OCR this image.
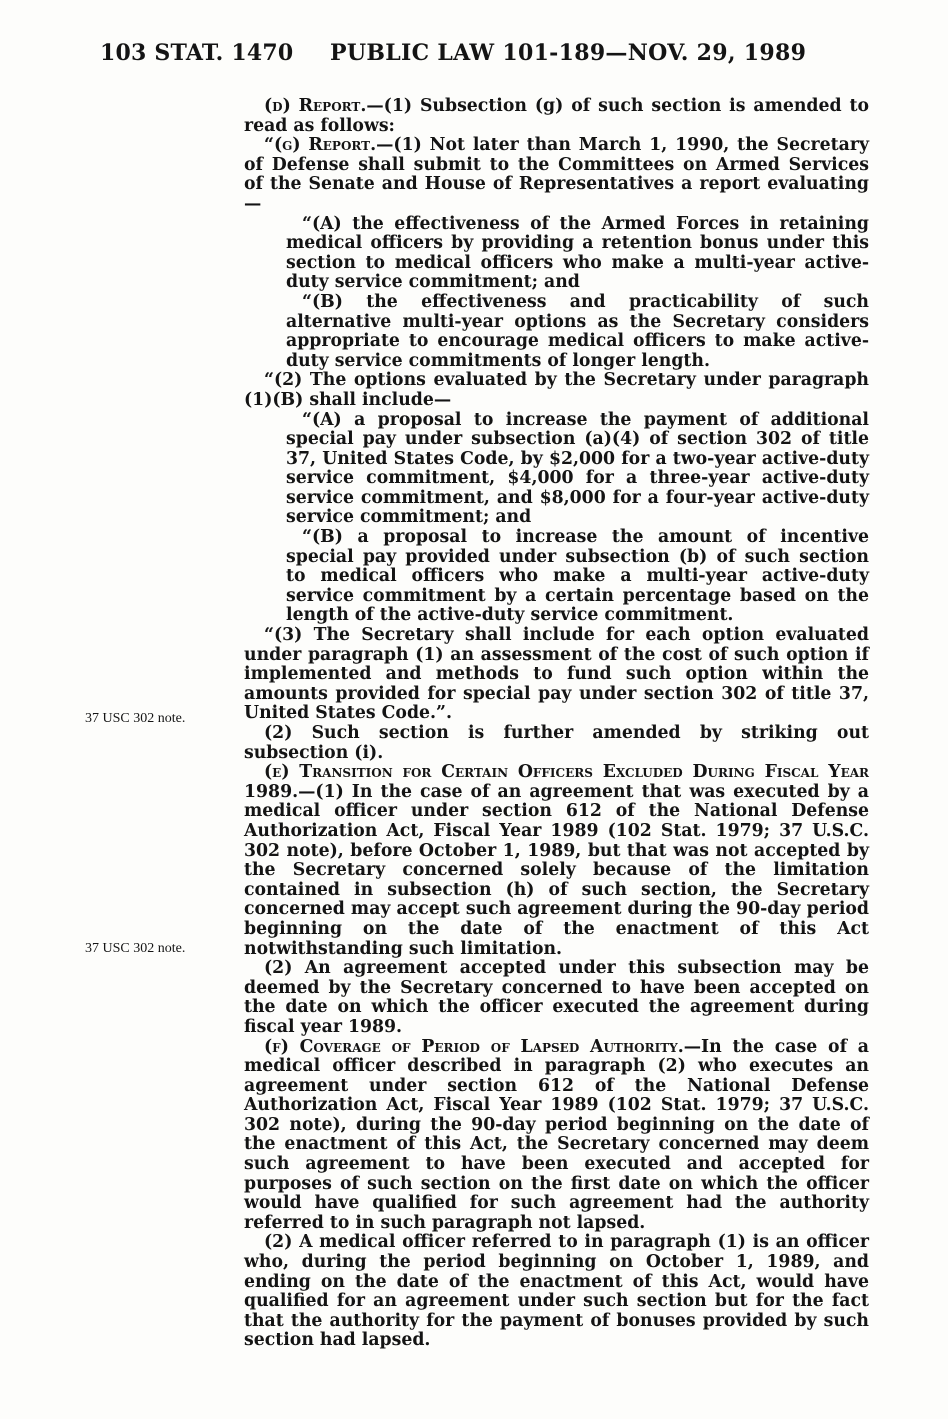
103 STAT. 1470 PUBLIC LAW 101-189—NOV. 29, 1989
37 USC 302 note.
37 USC 302 note.

(d) Report.—(1) Subsection (g) of such section is amended to read as follows:

“(g) Report.—(1) Not later than March 1, 1990, the Secretary of Defense shall submit to the Committees on Armed Services of the Senate and House of Representatives a report evaluating—

“(A) the effectiveness of the Armed Forces in retaining medical officers by providing a retention bonus under this section to medical officers who make a multi-year active-duty service commitment; and

“(B) the effectiveness and practicability of such alternative multi-year options as the Secretary considers appropriate to encourage medical officers to make active-duty service commitments of longer length.

“(2) The options evaluated by the Secretary under paragraph (1)(B) shall include—

“(A) a proposal to increase the payment of additional special pay under subsection (a)(4) of section 302 of title 37, United States Code, by $2,000 for a two-year active-duty service commitment, $4,000 for a three-year active-duty service commitment, and $8,000 for a four-year active-duty service commitment; and

“(B) a proposal to increase the amount of incentive special pay provided under subsection (b) of such section to medical officers who make a multi-year active-duty service commitment by a certain percentage based on the length of the active-duty service commitment.

“(3) The Secretary shall include for each option evaluated under paragraph (1) an assessment of the cost of such option if implemented and methods to fund such option within the amounts provided for special pay under section 302 of title 37, United States Code.”.

(2) Such section is further amended by striking out subsection (i).

(e) Transition for Certain Officers Excluded During Fiscal Year 1989.—(1) In the case of an agreement that was executed by a medical officer under section 612 of the National Defense Authorization Act, Fiscal Year 1989 (102 Stat. 1979; 37 U.S.C. 302 note), before October 1, 1989, but that was not accepted by the Secretary concerned solely because of the limitation contained in subsection (h) of such section, the Secretary concerned may accept such agreement during the 90-day period beginning on the date of the enactment of this Act notwithstanding such limitation.

(2) An agreement accepted under this subsection may be deemed by the Secretary concerned to have been accepted on the date on which the officer executed the agreement during fiscal year 1989.

(f) Coverage of Period of Lapsed Authority.—In the case of a medical officer described in paragraph (2) who executes an agreement under section 612 of the National Defense Authorization Act, Fiscal Year 1989 (102 Stat. 1979; 37 U.S.C. 302 note), during the 90-day period beginning on the date of the enactment of this Act, the Secretary concerned may deem such agreement to have been executed and accepted for purposes of such section on the first date on which the officer would have qualified for such agreement had the authority referred to in such paragraph not lapsed.

(2) A medical officer referred to in paragraph (1) is an officer who, during the period beginning on October 1, 1989, and ending on the date of the enactment of this Act, would have qualified for an agreement under such section but for the fact that the authority for the payment of bonuses provided by such section had lapsed.
